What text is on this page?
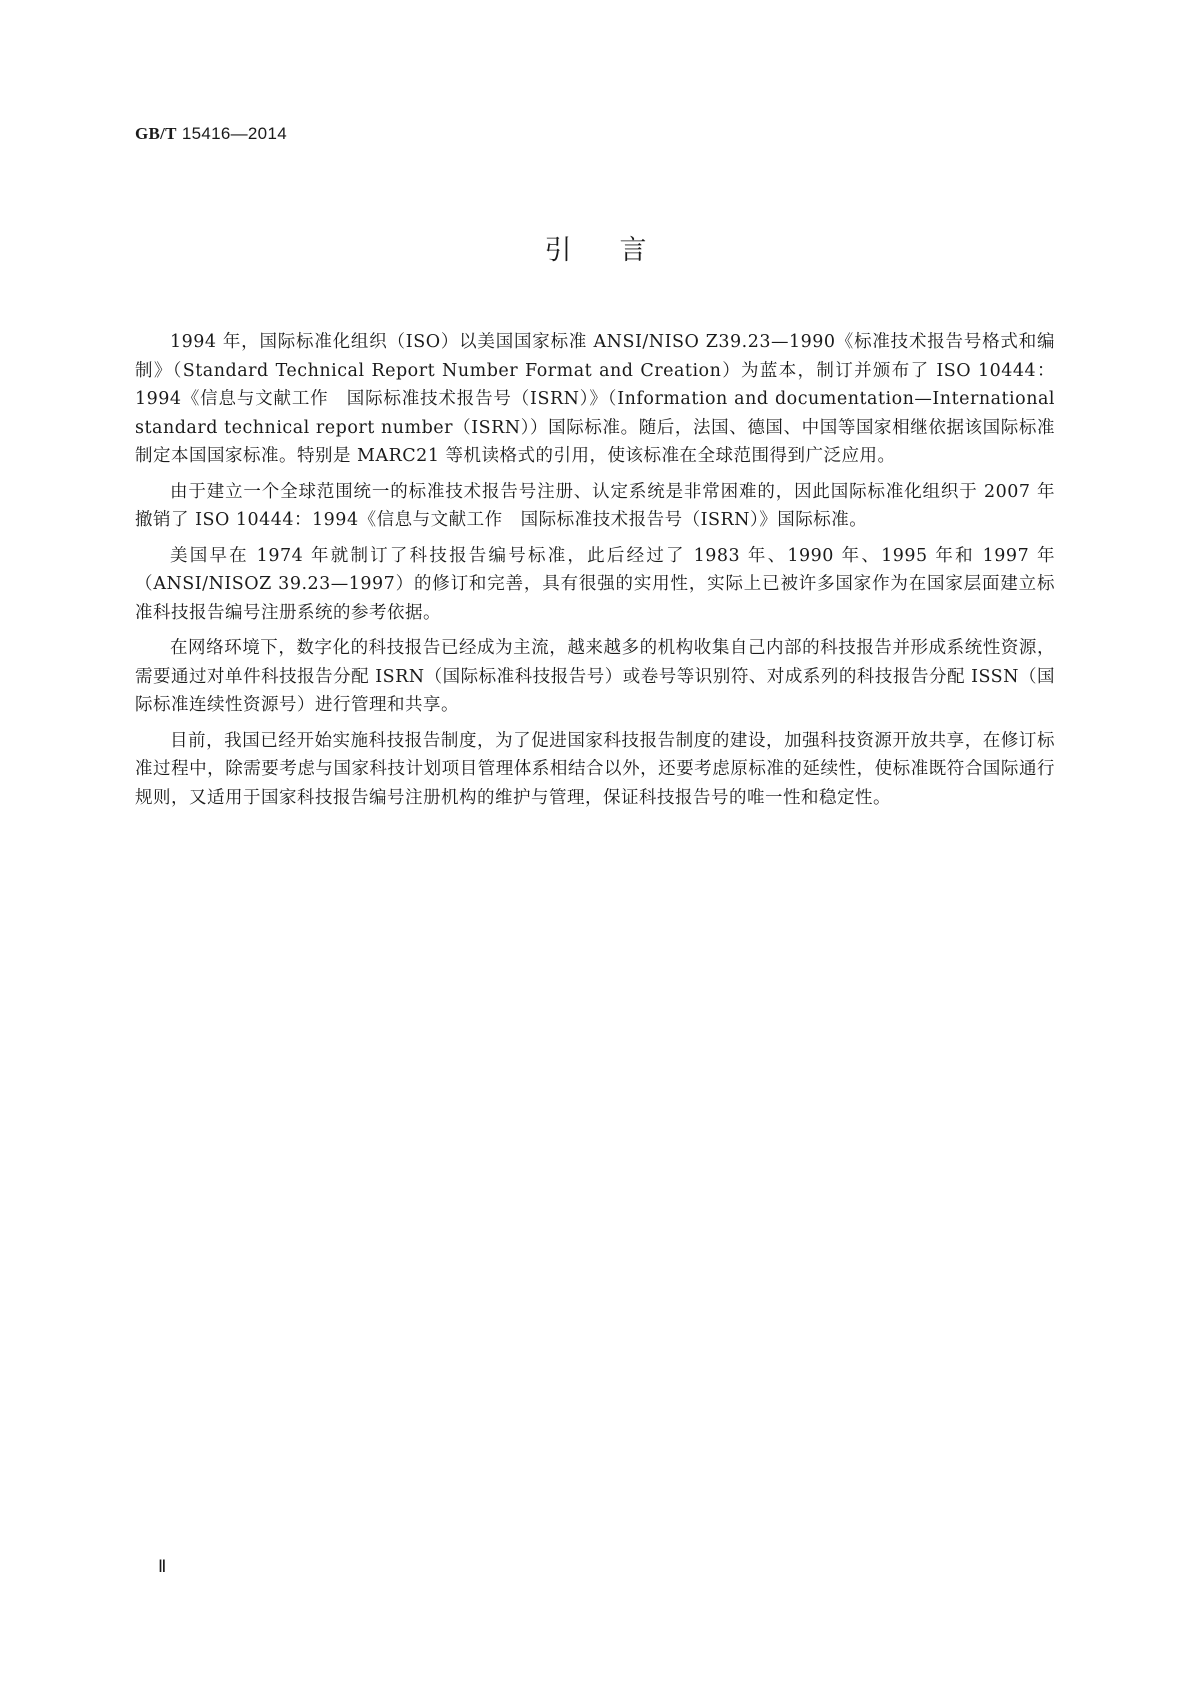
GB/T 15416—2014
引言

1994 年，国际标准化组织（ISO）以美国国家标准 ANSI/NISO Z39.23—1990《标准技术报告号格式和编制》（Standard Technical Report Number Format and Creation）为蓝本，制订并颁布了 ISO 10444：1994《信息与文献工作　国际标准技术报告号（ISRN）》（Information and documentation—International standard technical report number（ISRN））国际标准。随后，法国、德国、中国等国家相继依据该国际标准制定本国国家标准。特别是 MARC21 等机读格式的引用，使该标准在全球范围得到广泛应用。

由于建立一个全球范围统一的标准技术报告号注册、认定系统是非常困难的，因此国际标准化组织于 2007 年撤销了 ISO 10444：1994《信息与文献工作　国际标准技术报告号（ISRN）》国际标准。

美国早在 1974 年就制订了科技报告编号标准，此后经过了 1983 年、1990 年、1995 年和 1997 年（ANSI/NISOZ 39.23—1997）的修订和完善，具有很强的实用性，实际上已被许多国家作为在国家层面建立标准科技报告编号注册系统的参考依据。

在网络环境下，数字化的科技报告已经成为主流，越来越多的机构收集自己内部的科技报告并形成系统性资源，需要通过对单件科技报告分配 ISRN（国际标准科技报告号）或卷号等识别符、对成系列的科技报告分配 ISSN（国际标准连续性资源号）进行管理和共享。

目前，我国已经开始实施科技报告制度，为了促进国家科技报告制度的建设，加强科技资源开放共享，在修订标准过程中，除需要考虑与国家科技计划项目管理体系相结合以外，还要考虑原标准的延续性，使标准既符合国际通行规则，又适用于国家科技报告编号注册机构的维护与管理，保证科技报告号的唯一性和稳定性。

Ⅱ
